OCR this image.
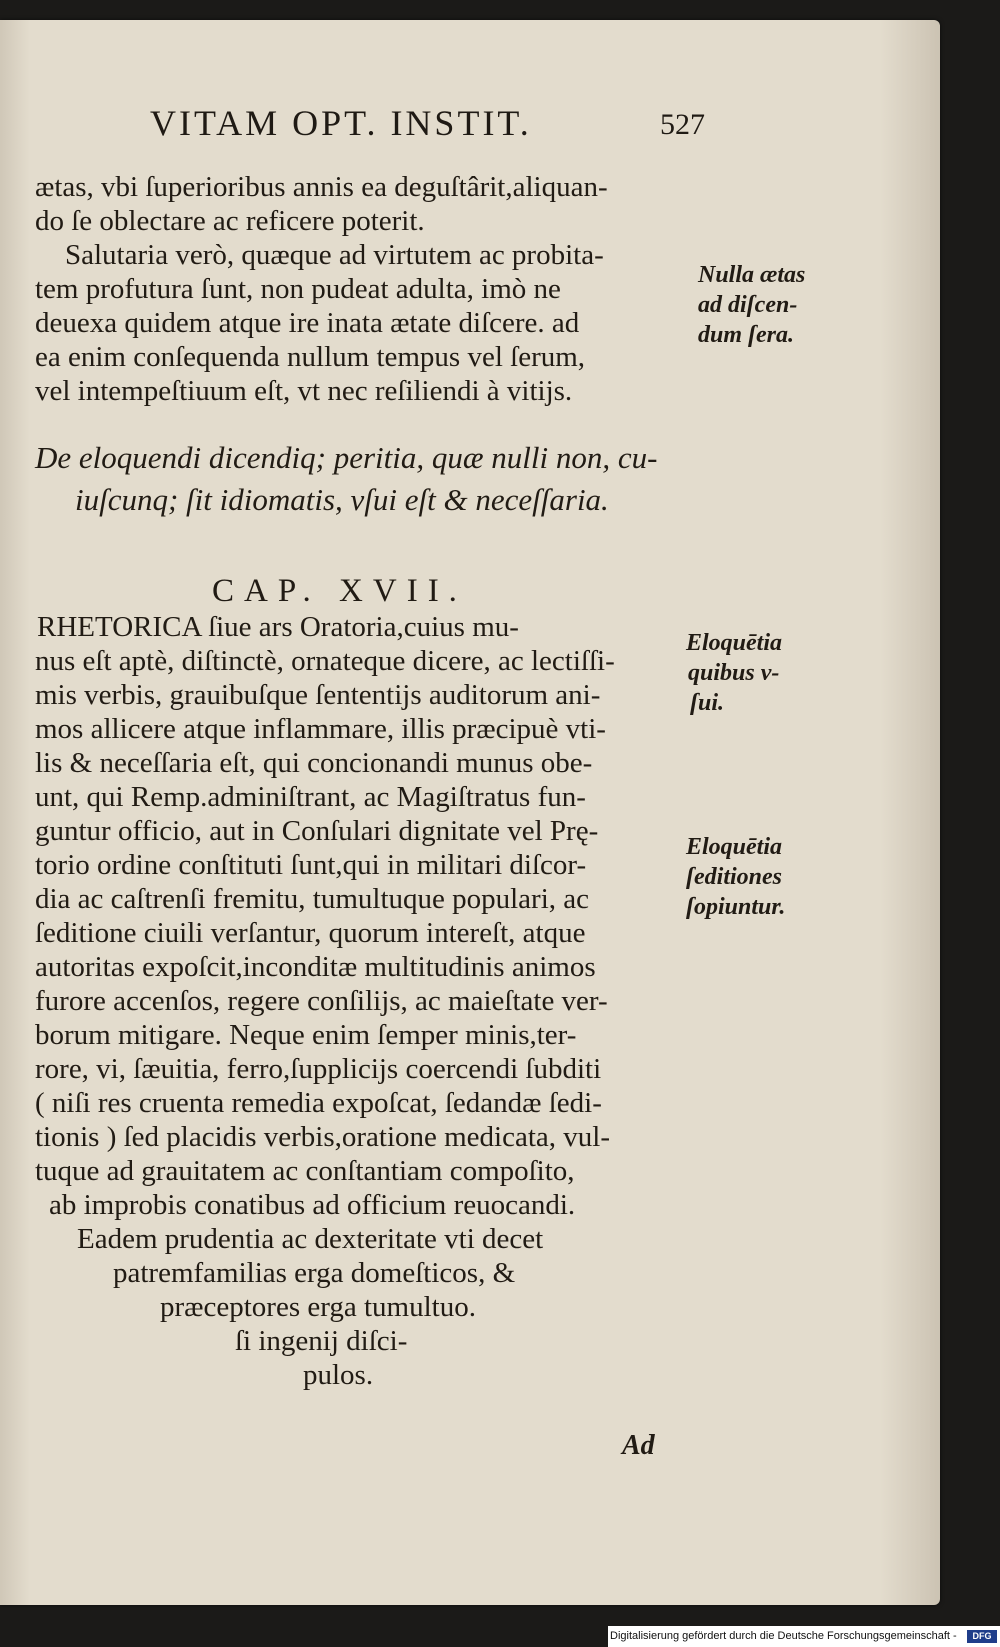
VITAM OPT. INSTIT.	527
ætas, vbi ſuperioribus annis ea deguſtârit,aliquan-
do ſe oblectare ac reficere poterit.
Salutaria verò, quæque ad virtutem ac probita-
tem profutura ſunt, non pudeat adulta, imò ne
deuexa quidem atque ire inata ætate diſcere. ad
ea enim conſequenda nullum tempus vel ſerum,
vel intempeſtiuum eſt, vt nec reſiliendi à vitijs.
De eloquendi dicendiq; peritia, quæ nulli non, cu-
iuſcunq; ſit idiomatis, vſui eſt & neceſſaria.
RHETORICA ſiue ars Oratoria,cuius mu-
nus eſt aptè, diſtinctè, ornateque dicere, ac lectiſſi-
mis verbis, grauibuſque ſententijs auditorum ani-
mos allicere atque inflammare, illis præcipuè vti-
lis & neceſſaria eſt, qui concionandi munus obe-
unt, qui Remp.adminiſtrant, ac Magiſtratus fun-
guntur officio, aut in Conſulari dignitate vel Prę-
torio ordine conſtituti ſunt,qui in militari diſcor-
dia ac caſtrenſi fremitu, tumultuque populari, ac
ſeditione ciuili verſantur, quorum intereſt, atque
autoritas expoſcit,inconditæ multitudinis animos
furore accenſos, regere conſilijs, ac maieſtate ver-
borum mitigare. Neque enim ſemper minis,ter-
rore, vi, ſæuitia, ferro,ſupplicijs coercendi ſubditi
( niſi res cruenta remedia expoſcat, ſedandæ ſedi-
tionis ) ſed placidis verbis,oratione medicata, vul-
tuque ad grauitatem ac conſtantiam compoſito,
ab improbis conatibus ad officium reuocandi.
Eadem prudentia ac dexteritate vti decet
patremfamilias erga domeſticos, &
præceptores erga tumultuo.
ſi ingenij diſci-
pulos.
CAP. XVII.
Nulla ætas
ad diſcen-
dum ſera.
Eloquētia
quibus v-
ſui.
Eloquētia
ſeditiones
ſopiuntur.
Ad
Digitalisierung gefördert durch die Deutsche Forschungsgemeinschaft -	DFG
